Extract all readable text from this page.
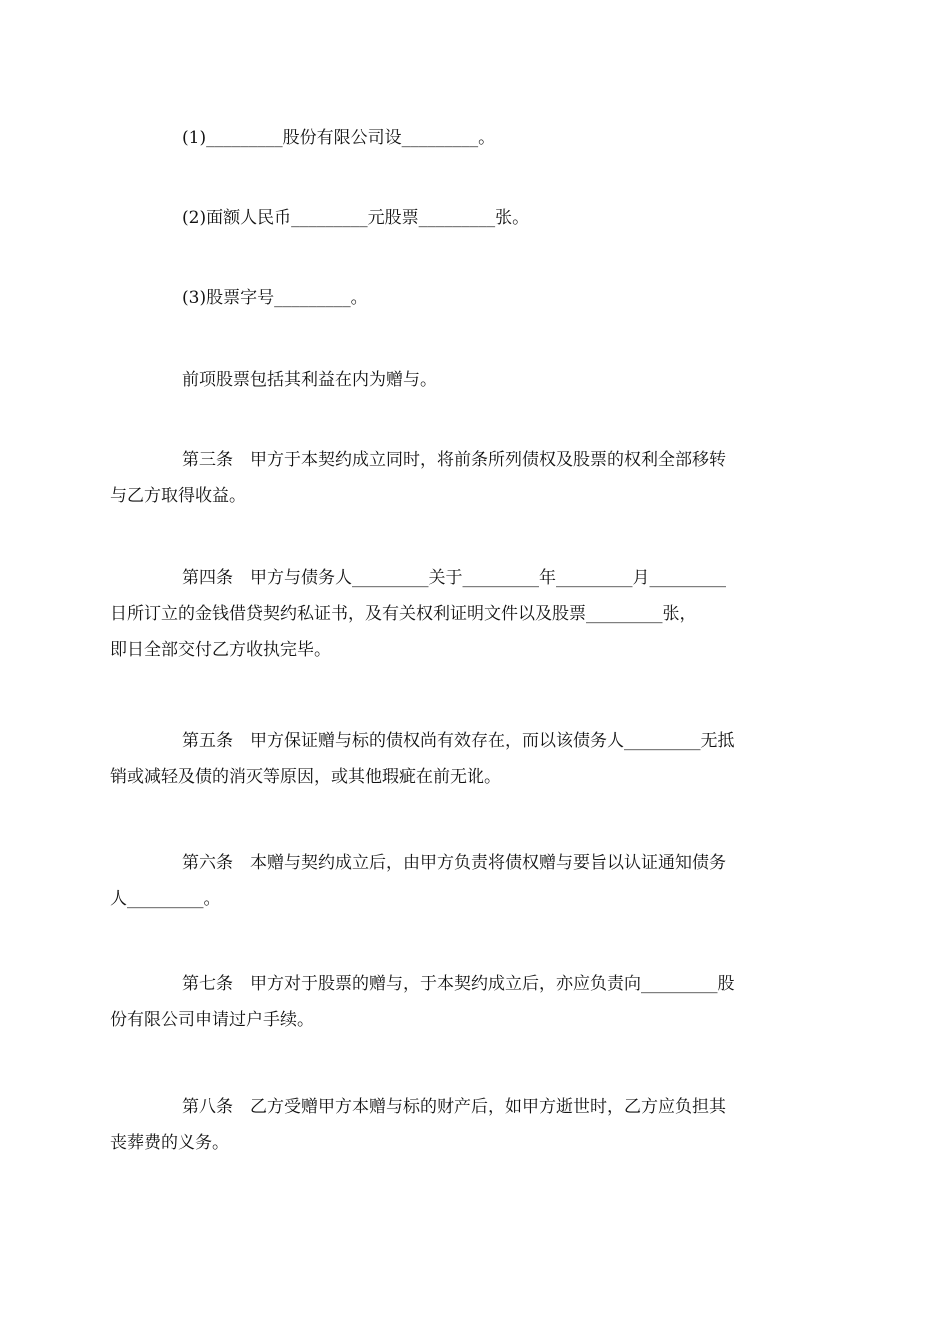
(1)_________股份有限公司设_________。

(2)面额人民币_________元股票_________张。

(3)股票字号_________。

前项股票包括其利益在内为赠与。

第三条　甲方于本契约成立同时，将前条所列债权及股票的权利全部移转
与乙方取得收益。

第四条　甲方与债务人_________关于_________年_________月_________
日所订立的金钱借贷契约私证书，及有关权利证明文件以及股票_________张，
即日全部交付乙方收执完毕。

第五条　甲方保证赠与标的债权尚有效存在，而以该债务人_________无抵
销或减轻及债的消灭等原因，或其他瑕疵在前无讹。

第六条　本赠与契约成立后，由甲方负责将债权赠与要旨以认证通知债务
人_________。

第七条　甲方对于股票的赠与，于本契约成立后，亦应负责向_________股
份有限公司申请过户手续。

第八条　乙方受赠甲方本赠与标的财产后，如甲方逝世时，乙方应负担其
丧葬费的义务。
